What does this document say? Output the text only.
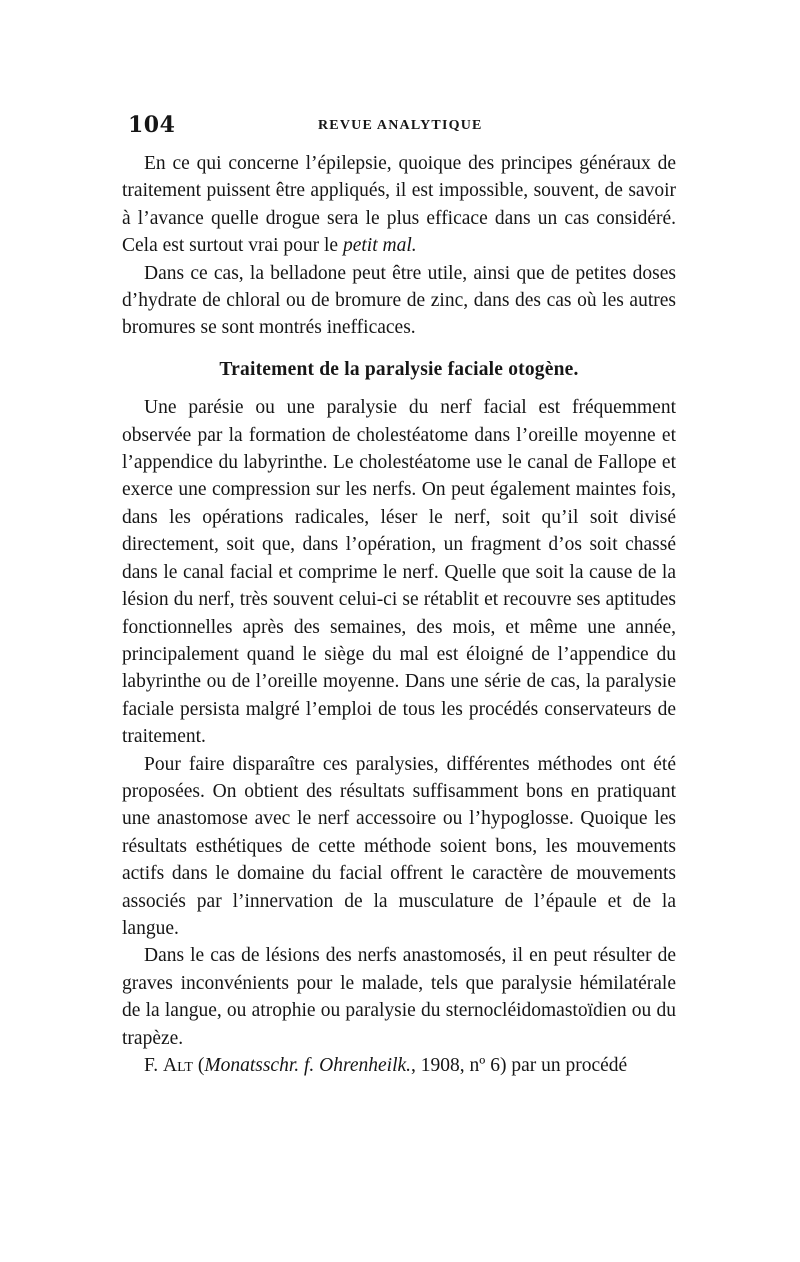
104	REVUE ANALYTIQUE

En ce qui concerne l’épilepsie, quoique des principes généraux de traitement puissent être appliqués, il est impossible, souvent, de savoir à l’avance quelle drogue sera le plus efficace dans un cas considéré. Cela est surtout vrai pour le petit mal.

Dans ce cas, la belladone peut être utile, ainsi que de petites doses d’hydrate de chloral ou de bromure de zinc, dans des cas où les autres bromures se sont montrés inefficaces.

Traitement de la paralysie faciale otogène.

Une parésie ou une paralysie du nerf facial est fréquemment observée par la formation de cholestéatome dans l’oreille moyenne et l’appendice du labyrinthe. Le cholestéatome use le canal de Fallope et exerce une compression sur les nerfs. On peut également maintes fois, dans les opérations radicales, léser le nerf, soit qu’il soit divisé directement, soit que, dans l’opération, un fragment d’os soit chassé dans le canal facial et comprime le nerf. Quelle que soit la cause de la lésion du nerf, très souvent celui-ci se rétablit et recouvre ses aptitudes fonctionnelles après des semaines, des mois, et même une année, principalement quand le siège du mal est éloigné de l’appendice du labyrinthe ou de l’oreille moyenne. Dans une série de cas, la paralysie faciale persista malgré l’emploi de tous les procédés conservateurs de traitement.

Pour faire disparaître ces paralysies, différentes méthodes ont été proposées. On obtient des résultats suffisamment bons en pratiquant une anastomose avec le nerf accessoire ou l’hypoglosse. Quoique les résultats esthétiques de cette méthode soient bons, les mouvements actifs dans le domaine du facial offrent le caractère de mouvements associés par l’innervation de la musculature de l’épaule et de la langue.

Dans le cas de lésions des nerfs anastomosés, il en peut résulter de graves inconvénients pour le malade, tels que paralysie hémilatérale de la langue, ou atrophie ou paralysie du sternocléidomastoïdien ou du trapèze.

F. Alt (Monatsschr. f. Ohrenheilk., 1908, nº 6) par un procédé
